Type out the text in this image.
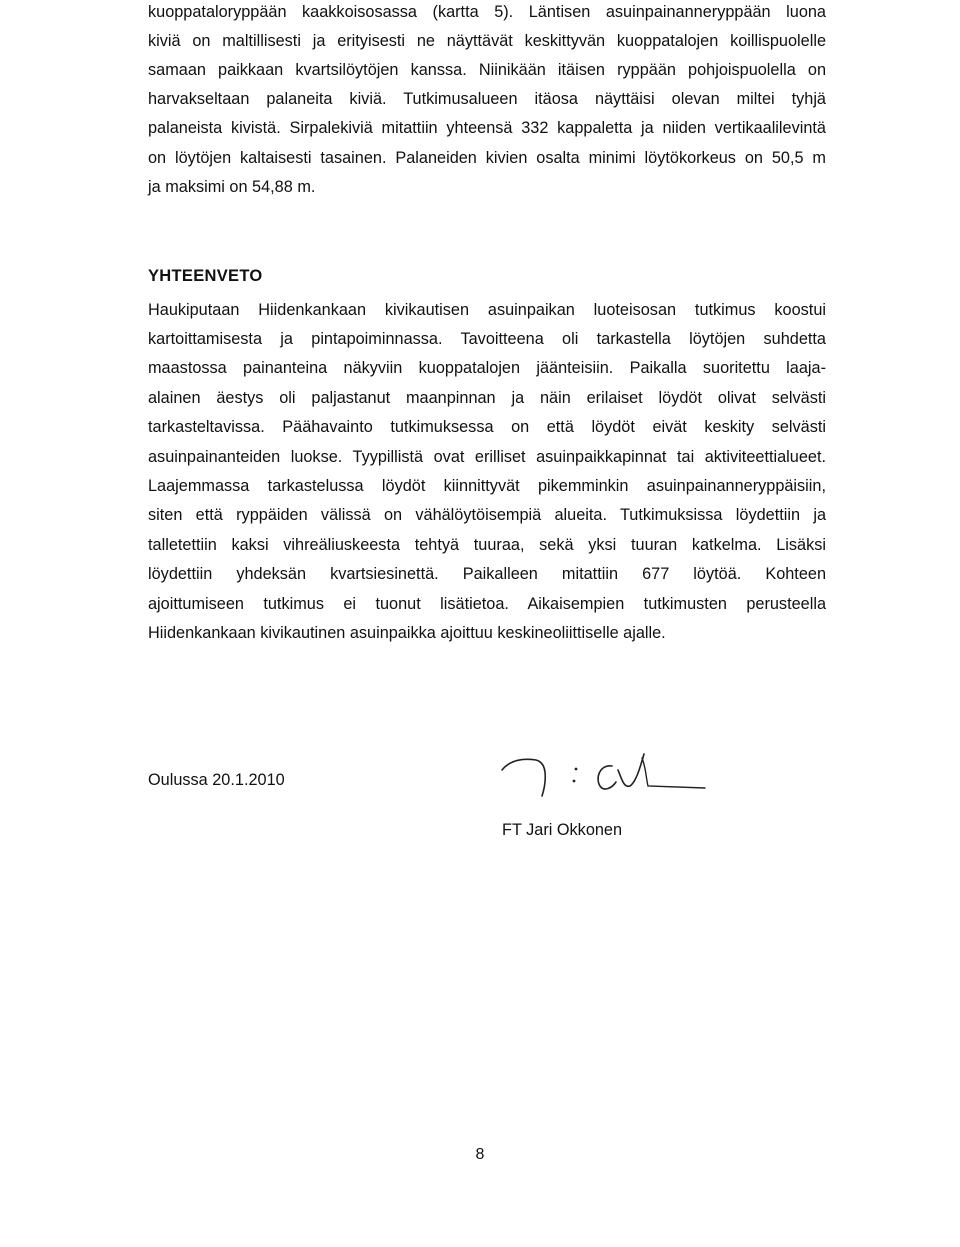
kuoppataloryppään kaakkoisosassa (kartta 5). Läntisen asuinpainanneryppään luona
kiviä on maltillisesti ja erityisesti ne näyttävät keskittyvän kuoppatalojen koillispuolelle
samaan paikkaan kvartsilöytöjen kanssa. Niinikään itäisen ryppään pohjoispuolella on
harvakseltaan palaneita kiviä. Tutkimusalueen itäosa näyttäisi olevan miltei tyhjä
palaneista kivistä. Sirpalekiviä mitattiin yhteensä 332 kappaletta ja niiden vertikaalilevintä
on löytöjen kaltaisesti tasainen. Palaneiden kivien osalta minimi löytökorkeus on 50,5 m
ja maksimi on 54,88 m.
YHTEENVETO
Haukiputaan Hiidenkankaan kivikautisen asuinpaikan luoteisosan tutkimus koostui
kartoittamisesta ja pintapoiminnassa. Tavoitteena oli tarkastella löytöjen suhdetta
maastossa painanteina näkyviin kuoppatalojen jäänteisiin. Paikalla suoritettu laaja-
alainen äestys oli paljastanut maanpinnan ja näin erilaiset löydöt olivat selvästi
tarkasteltavissa. Päähavainto tutkimuksessa on että löydöt eivät keskity selvästi
asuinpainanteiden luokse. Tyypillistä ovat erilliset asuinpaikkapinnat tai aktiviteettialueet.
Laajemmassa tarkastelussa löydöt kiinnittyvät pikemminkin asuinpainanneryppäisiin,
siten että ryppäiden välissä on vähälöytöisempiä alueita. Tutkimuksissa löydettiin ja
talletettiin kaksi vihreäliuskeesta tehtyä tuuraa, sekä yksi tuuran katkelma. Lisäksi
löydettiin yhdeksän kvartsiesinettä. Paikalleen mitattiin 677 löytöä. Kohteen
ajoittumiseen tutkimus ei tuonut lisätietoa. Aikaisempien tutkimusten perusteella
Hiidenkankaan kivikautinen asuinpaikka ajoittuu keskineoliittiselle ajalle.
Oulussa 20.1.2010
FT Jari Okkonen
8
